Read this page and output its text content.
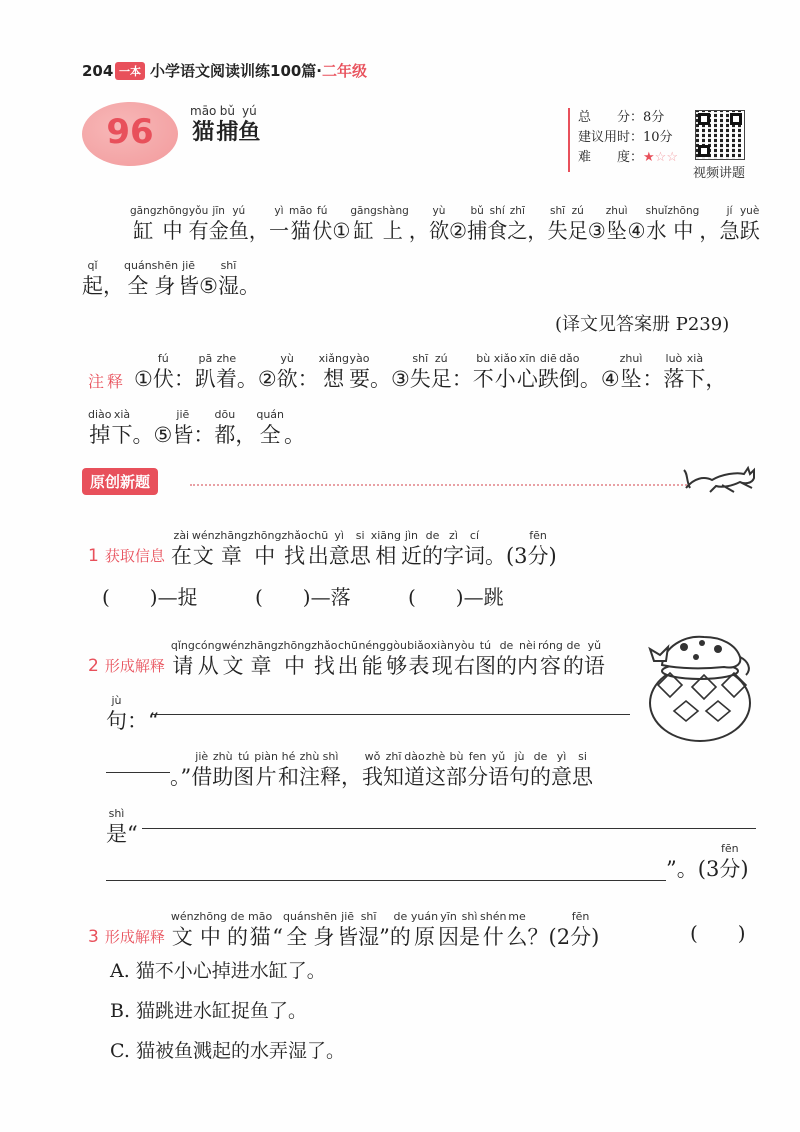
204 一本 小学语文阅读训练100篇·二年级
96
māo
猫
bǔ
捕
yú
鱼
总　　分：8分
建议用时：10分
难　　度：★☆☆
视频讲题
gāng
缸
zhōng
中
yǒu
有
jīn
金
yú
鱼 ，
yì
一
māo
猫
fú
伏 ①
gāng
缸
shàng
上 ，
yù
欲 ②
bǔ
捕
shí
食
zhī
之 ，
shī
失
zú
足 ③
zhuì
坠 ④
shuǐ
水
zhōng
中 ，
jí
急
yuè
跃
qǐ
起 ，
quán
全
shēn
身
jiē
皆 ⑤
shī
湿 。
(译文见答案册 P239)
注释 ①
fú
伏 ：
pā
趴
zhe
着 。 ②
yù
欲 ：
xiǎng
想
yào
要 。 ③
shī
失
zú
足 ：
bù
不
xiǎo
小
xīn
心
diē
跌
dǎo
倒 。 ④
zhuì
坠 ：
luò
落
xià
下 ，
diào
掉
xià
下 。 ⑤
jiē
皆 ：
dōu
都 ，
quán
全 。
原创新题
1 获取信息
zài
在
wén
文
zhāng
章
zhōng
中
zhǎo
找
chū
出
yì
意
si
思
xiāng
相
jìn
近
de
的
zì
字
cí
词 。( 3
fēn
分 )
(　　)—捉	(　　)—落	(　　)—跳
2 形成解释
qǐng
请
cóng
从
wén
文
zhāng
章
zhōng
中
zhǎo
找
chū
出
néng
能
gòu
够
biǎo
表
xiàn
现
yòu
右
tú
图
de
的
nèi
内
róng
容
de
的
yǔ
语
jù
句 ：“
。”
jiè
借
zhù
助
tú
图
piàn
片
hé
和
zhù
注
shì
释 ，
wǒ
我
zhī
知
dào
道
zhè
这
bù
部
fen
分
yǔ
语
jù
句
de
的
yì
意
si
思
shì
是 “
”。( 3
fēn
分 )
3 形成解释
wén
文
zhōng
中
de
的
māo
猫 “
quán
全
shēn
身
jiē
皆
shī
湿 ”
de
的
yuán
原
yīn
因
shì
是
shén
什
me
么 ？( 2
fēn
分 )	(　　)
A. 猫不小心掉进水缸了。
B. 猫跳进水缸捉鱼了。
C. 猫被鱼溅起的水弄湿了。
